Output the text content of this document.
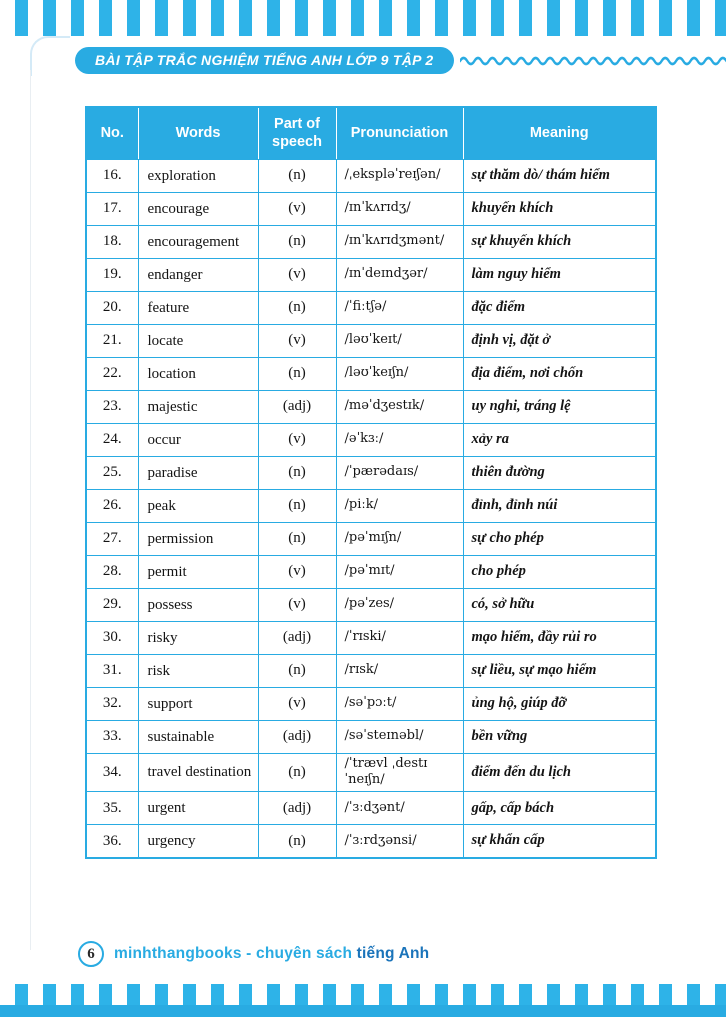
BÀI TẬP TRẮC NGHIỆM TIẾNG ANH LỚP 9 TẬP 2
No.	Words	Part of speech	Pronunciation	Meaning
16.	exploration	(n)	/ˌekspləˈreɪʃən/	sự thăm dò/ thám hiểm
17.	encourage	(v)	/ɪnˈkʌrɪdʒ/	khuyến khích
18.	encouragement	(n)	/ɪnˈkʌrɪdʒmənt/	sự khuyến khích
19.	endanger	(v)	/ɪnˈdeɪndʒər/	làm nguy hiểm
20.	feature	(n)	/ˈfiːtʃə/	đặc điểm
21.	locate	(v)	/ləʊˈkeɪt/	định vị, đặt ở
22.	location	(n)	/ləʊˈkeɪʃn/	địa điểm, nơi chốn
23.	majestic	(adj)	/məˈdʒestɪk/	uy nghi, tráng lệ
24.	occur	(v)	/əˈkɜː/	xảy ra
25.	paradise	(n)	/ˈpærədaɪs/	thiên đường
26.	peak	(n)	/piːk/	đỉnh, đỉnh núi
27.	permission	(n)	/pəˈmɪʃn/	sự cho phép
28.	permit	(v)	/pəˈmɪt/	cho phép
29.	possess	(v)	/pəˈzes/	có, sở hữu
30.	risky	(adj)	/ˈrɪski/	mạo hiểm, đầy rủi ro
31.	risk	(n)	/rɪsk/	sự liều, sự mạo hiểm
32.	support	(v)	/səˈpɔːt/	ủng hộ, giúp đỡ
33.	sustainable	(adj)	/səˈsteɪnəbl/	bền vững
34.	travel destination	(n)	/ˈtrævl ˌdestɪˈneɪʃn/	điểm đến du lịch
35.	urgent	(adj)	/ˈɜːdʒənt/	gấp, cấp bách
36.	urgency	(n)	/ˈɜːrdʒənsi/	sự khẩn cấp
6 minhthangbooks - chuyên sách tiếng Anh
